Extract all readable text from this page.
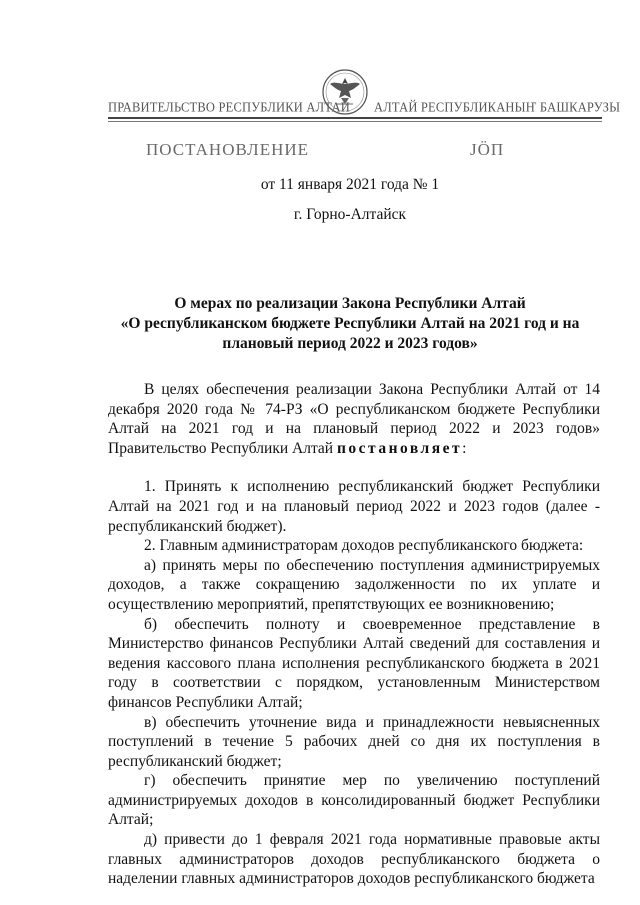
ПРАВИТЕЛЬСТВО РЕСПУБЛИКИ АЛТАЙ АЛТАЙ РЕСПУБЛИКАНЫҤ БАШКАРУЗЫ
ПОСТАНОВЛЕНИЕ	JÖП
от 11 января 2021 года № 1
г. Горно-Алтайск
О мерах по реализации Закона Республики Алтай
«О республиканском бюджете Республики Алтай на 2021 год и на
плановый период 2022 и 2023 годов»

В целях обеспечения реализации Закона Республики Алтай от 14 декабря 2020 года № 74-РЗ «О республиканском бюджете Республики Алтай на 2021 год и на плановый период 2022 и 2023 годов» Правительство Республики Алтай постановляет:

1. Принять к исполнению республиканский бюджет Республики Алтай на 2021 год и на плановый период 2022 и 2023 годов (далее - республиканский бюджет).

2. Главным администраторам доходов республиканского бюджета:

а) принять меры по обеспечению поступления администрируемых доходов, а также сокращению задолженности по их уплате и осуществлению мероприятий, препятствующих ее возникновению;

б) обеспечить полноту и своевременное представление в Министерство финансов Республики Алтай сведений для составления и ведения кассового плана исполнения республиканского бюджета в 2021 году в соответствии с порядком, установленным Министерством финансов Республики Алтай;

в) обеспечить уточнение вида и принадлежности невыясненных поступлений в течение 5 рабочих дней со дня их поступления в республиканский бюджет;

г) обеспечить принятие мер по увеличению поступлений администрируемых доходов в консолидированный бюджет Республики Алтай;

д) привести до 1 февраля 2021 года нормативные правовые акты главных администраторов доходов республиканского бюджета о наделении главных администраторов доходов республиканского бюджета
